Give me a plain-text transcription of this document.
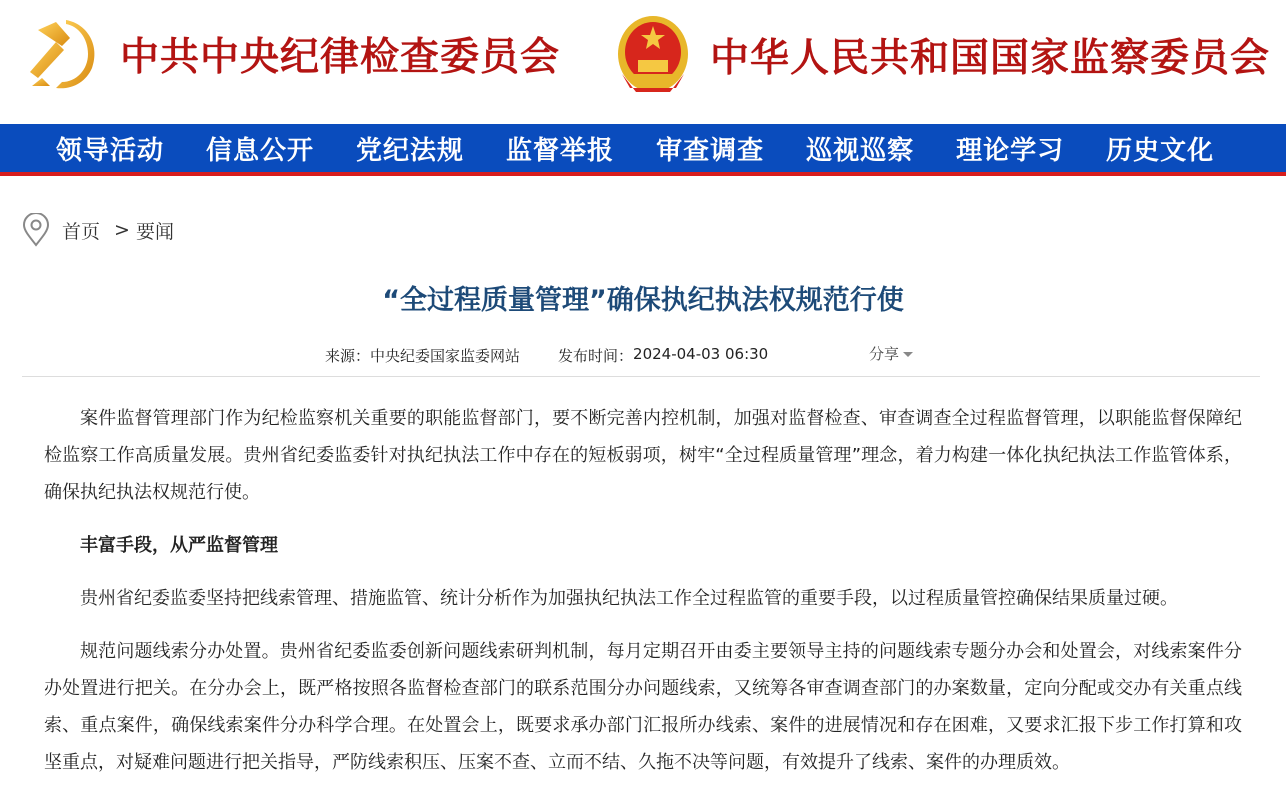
中共中央纪律检查委员会	中华人民共和国国家监察委员会
领导活动 信息公开 党纪法规 监督举报 审查调查 巡视巡察 理论学习 历史文化
首页 > 要闻
“全过程质量管理”确保执纪执法权规范行使
来源： 中央纪委国家监委网站	发布时间： 2024-04-03 06:30	分享

案件监督管理部门作为纪检监察机关重要的职能监督部门，要不断完善内控机制，加强对监督检查、审查调查全过程监督管理，以职能监督保障纪检监察工作高质量发展。贵州省纪委监委针对执纪执法工作中存在的短板弱项，树牢“全过程质量管理”理念，着力构建一体化执纪执法工作监管体系，确保执纪执法权规范行使。

丰富手段，从严监督管理

贵州省纪委监委坚持把线索管理、措施监管、统计分析作为加强执纪执法工作全过程监管的重要手段，以过程质量管控确保结果质量过硬。

规范问题线索分办处置。贵州省纪委监委创新问题线索研判机制，每月定期召开由委主要领导主持的问题线索专题分办会和处置会，对线索案件分办处置进行把关。在分办会上，既严格按照各监督检查部门的联系范围分办问题线索，又统筹各审查调查部门的办案数量，定向分配或交办有关重点线索、重点案件，确保线索案件分办科学合理。在处置会上，既要求承办部门汇报所办线索、案件的进展情况和存在困难，又要求汇报下步工作打算和攻坚重点，对疑难问题进行把关指导，严防线索积压、压案不查、立而不结、久拖不决等问题，有效提升了线索、案件的办理质效。
